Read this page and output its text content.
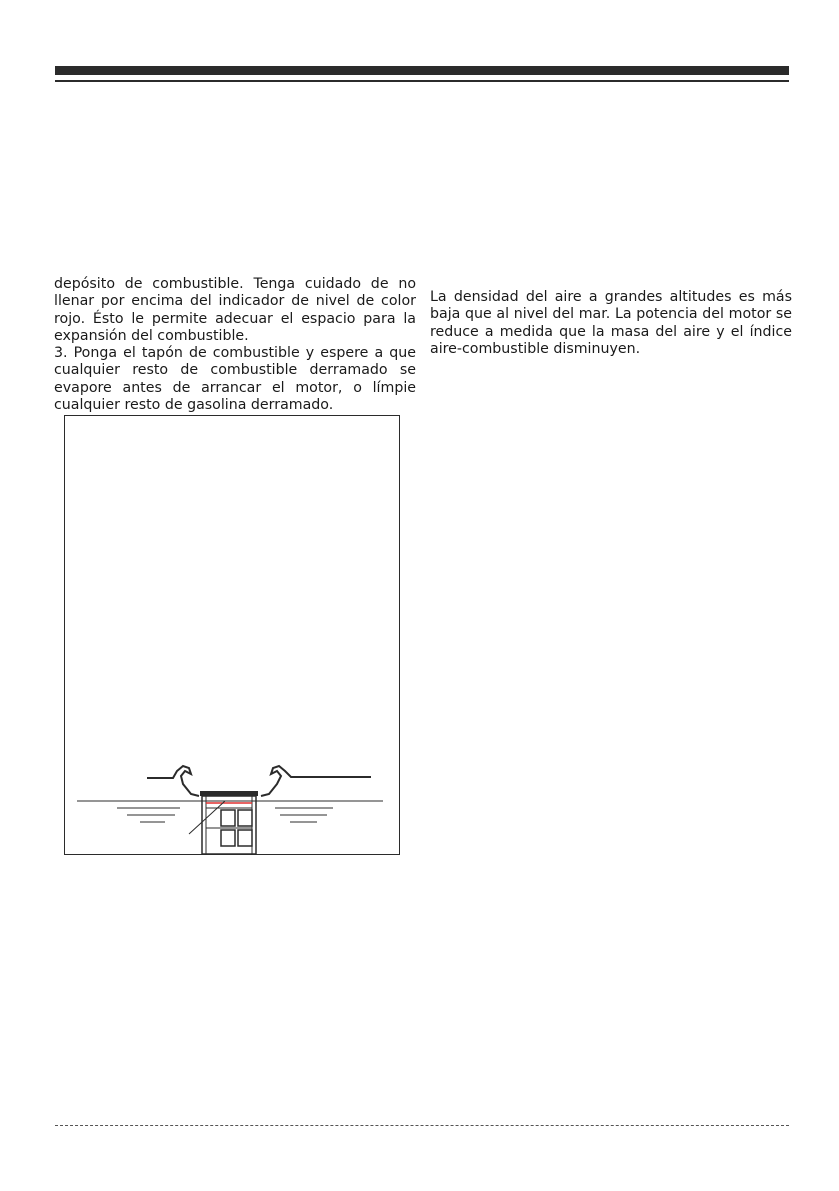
depósito de combustible. Tenga cuidado de no llenar por encima del indicador de nivel de color rojo. Ésto le permite adecuar el espacio para la expansión del combustible.

3. Ponga el tapón de combustible y espere a que cualquier resto de combustible derramado se evapore antes de arrancar el motor, o límpie cualquier resto de gasolina derramado.

La densidad del aire a grandes altitudes es más baja que al nivel del mar. La potencia del motor se reduce a medida que la masa del aire y el índice aire-combustible disminuyen.
